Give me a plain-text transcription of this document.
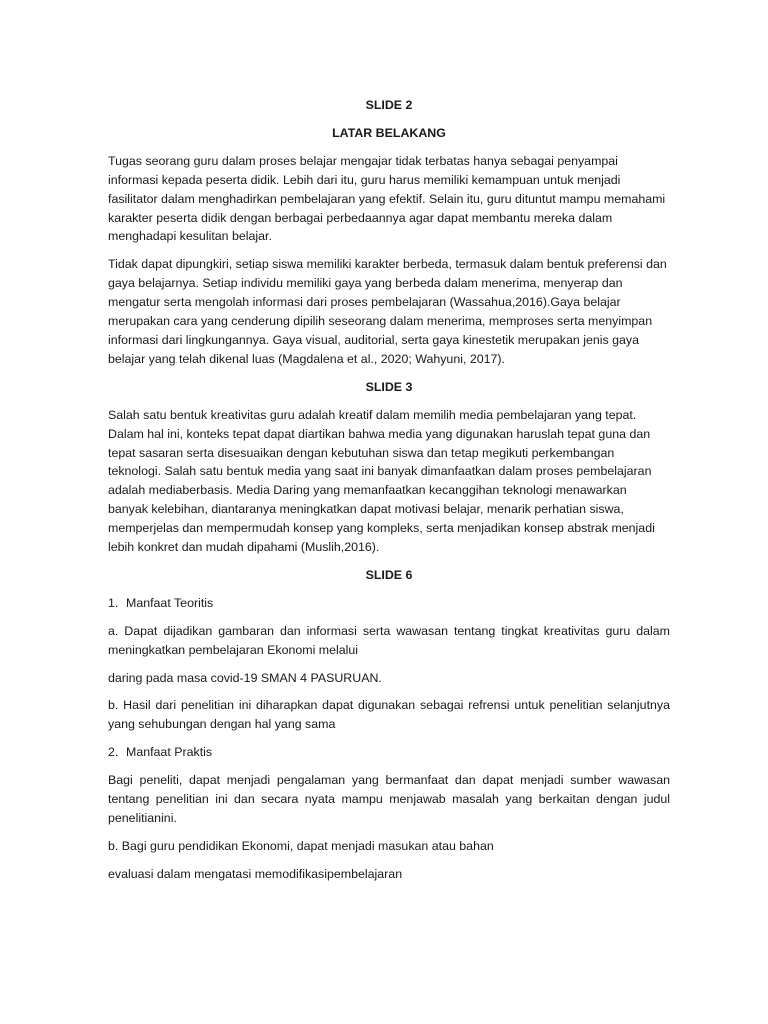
SLIDE 2
LATAR BELAKANG

Tugas seorang guru dalam proses belajar mengajar tidak terbatas hanya sebagai penyampai informasi kepada peserta didik. Lebih dari itu, guru harus memiliki kemampuan untuk menjadi fasilitator dalam menghadirkan pembelajaran yang efektif. Selain itu, guru dituntut mampu memahami karakter peserta didik dengan berbagai perbedaannya agar dapat membantu mereka dalam menghadapi kesulitan belajar.

Tidak dapat dipungkiri, setiap siswa memiliki karakter berbeda, termasuk dalam bentuk preferensi dan gaya belajarnya. Setiap individu memiliki gaya yang berbeda dalam menerima, menyerap dan mengatur serta mengolah informasi dari proses pembelajaran (Wassahua,2016).Gaya belajar merupakan cara yang cenderung dipilih seseorang dalam menerima, memproses serta menyimpan informasi dari lingkungannya. Gaya visual, auditorial, serta gaya kinestetik merupakan jenis gaya belajar yang telah dikenal luas (Magdalena et al., 2020; Wahyuni, 2017).

SLIDE 3

Salah satu bentuk kreativitas guru adalah kreatif dalam memilih media pembelajaran yang tepat. Dalam hal ini, konteks tepat dapat diartikan bahwa media yang digunakan haruslah tepat guna dan tepat sasaran serta disesuaikan dengan kebutuhan siswa dan tetap megikuti perkembangan teknologi. Salah satu bentuk media yang saat ini banyak dimanfaatkan dalam proses pembelajaran adalah mediaberbasis. Media Daring yang memanfaatkan kecanggihan teknologi menawarkan banyak kelebihan, diantaranya meningkatkan dapat motivasi belajar, menarik perhatian siswa, memperjelas dan mempermudah konsep yang kompleks, serta menjadikan konsep abstrak menjadi lebih konkret dan mudah dipahami (Muslih,2016).

SLIDE 6

1. Manfaat Teoritis

a. Dapat dijadikan gambaran dan informasi serta wawasan tentang tingkat kreativitas guru dalam meningkatkan pembelajaran Ekonomi melalui

daring pada masa covid-19 SMAN 4 PASURUAN.

b. Hasil dari penelitian ini diharapkan dapat digunakan sebagai refrensi untuk penelitian selanjutnya yang sehubungan dengan hal yang sama

2. Manfaat Praktis

Bagi peneliti, dapat menjadi pengalaman yang bermanfaat dan dapat menjadi sumber wawasan tentang penelitian ini dan secara nyata mampu menjawab masalah yang berkaitan dengan judul penelitianini.

b. Bagi guru pendidikan Ekonomi, dapat menjadi masukan atau bahan

evaluasi dalam mengatasi memodifikasipembelajaran
